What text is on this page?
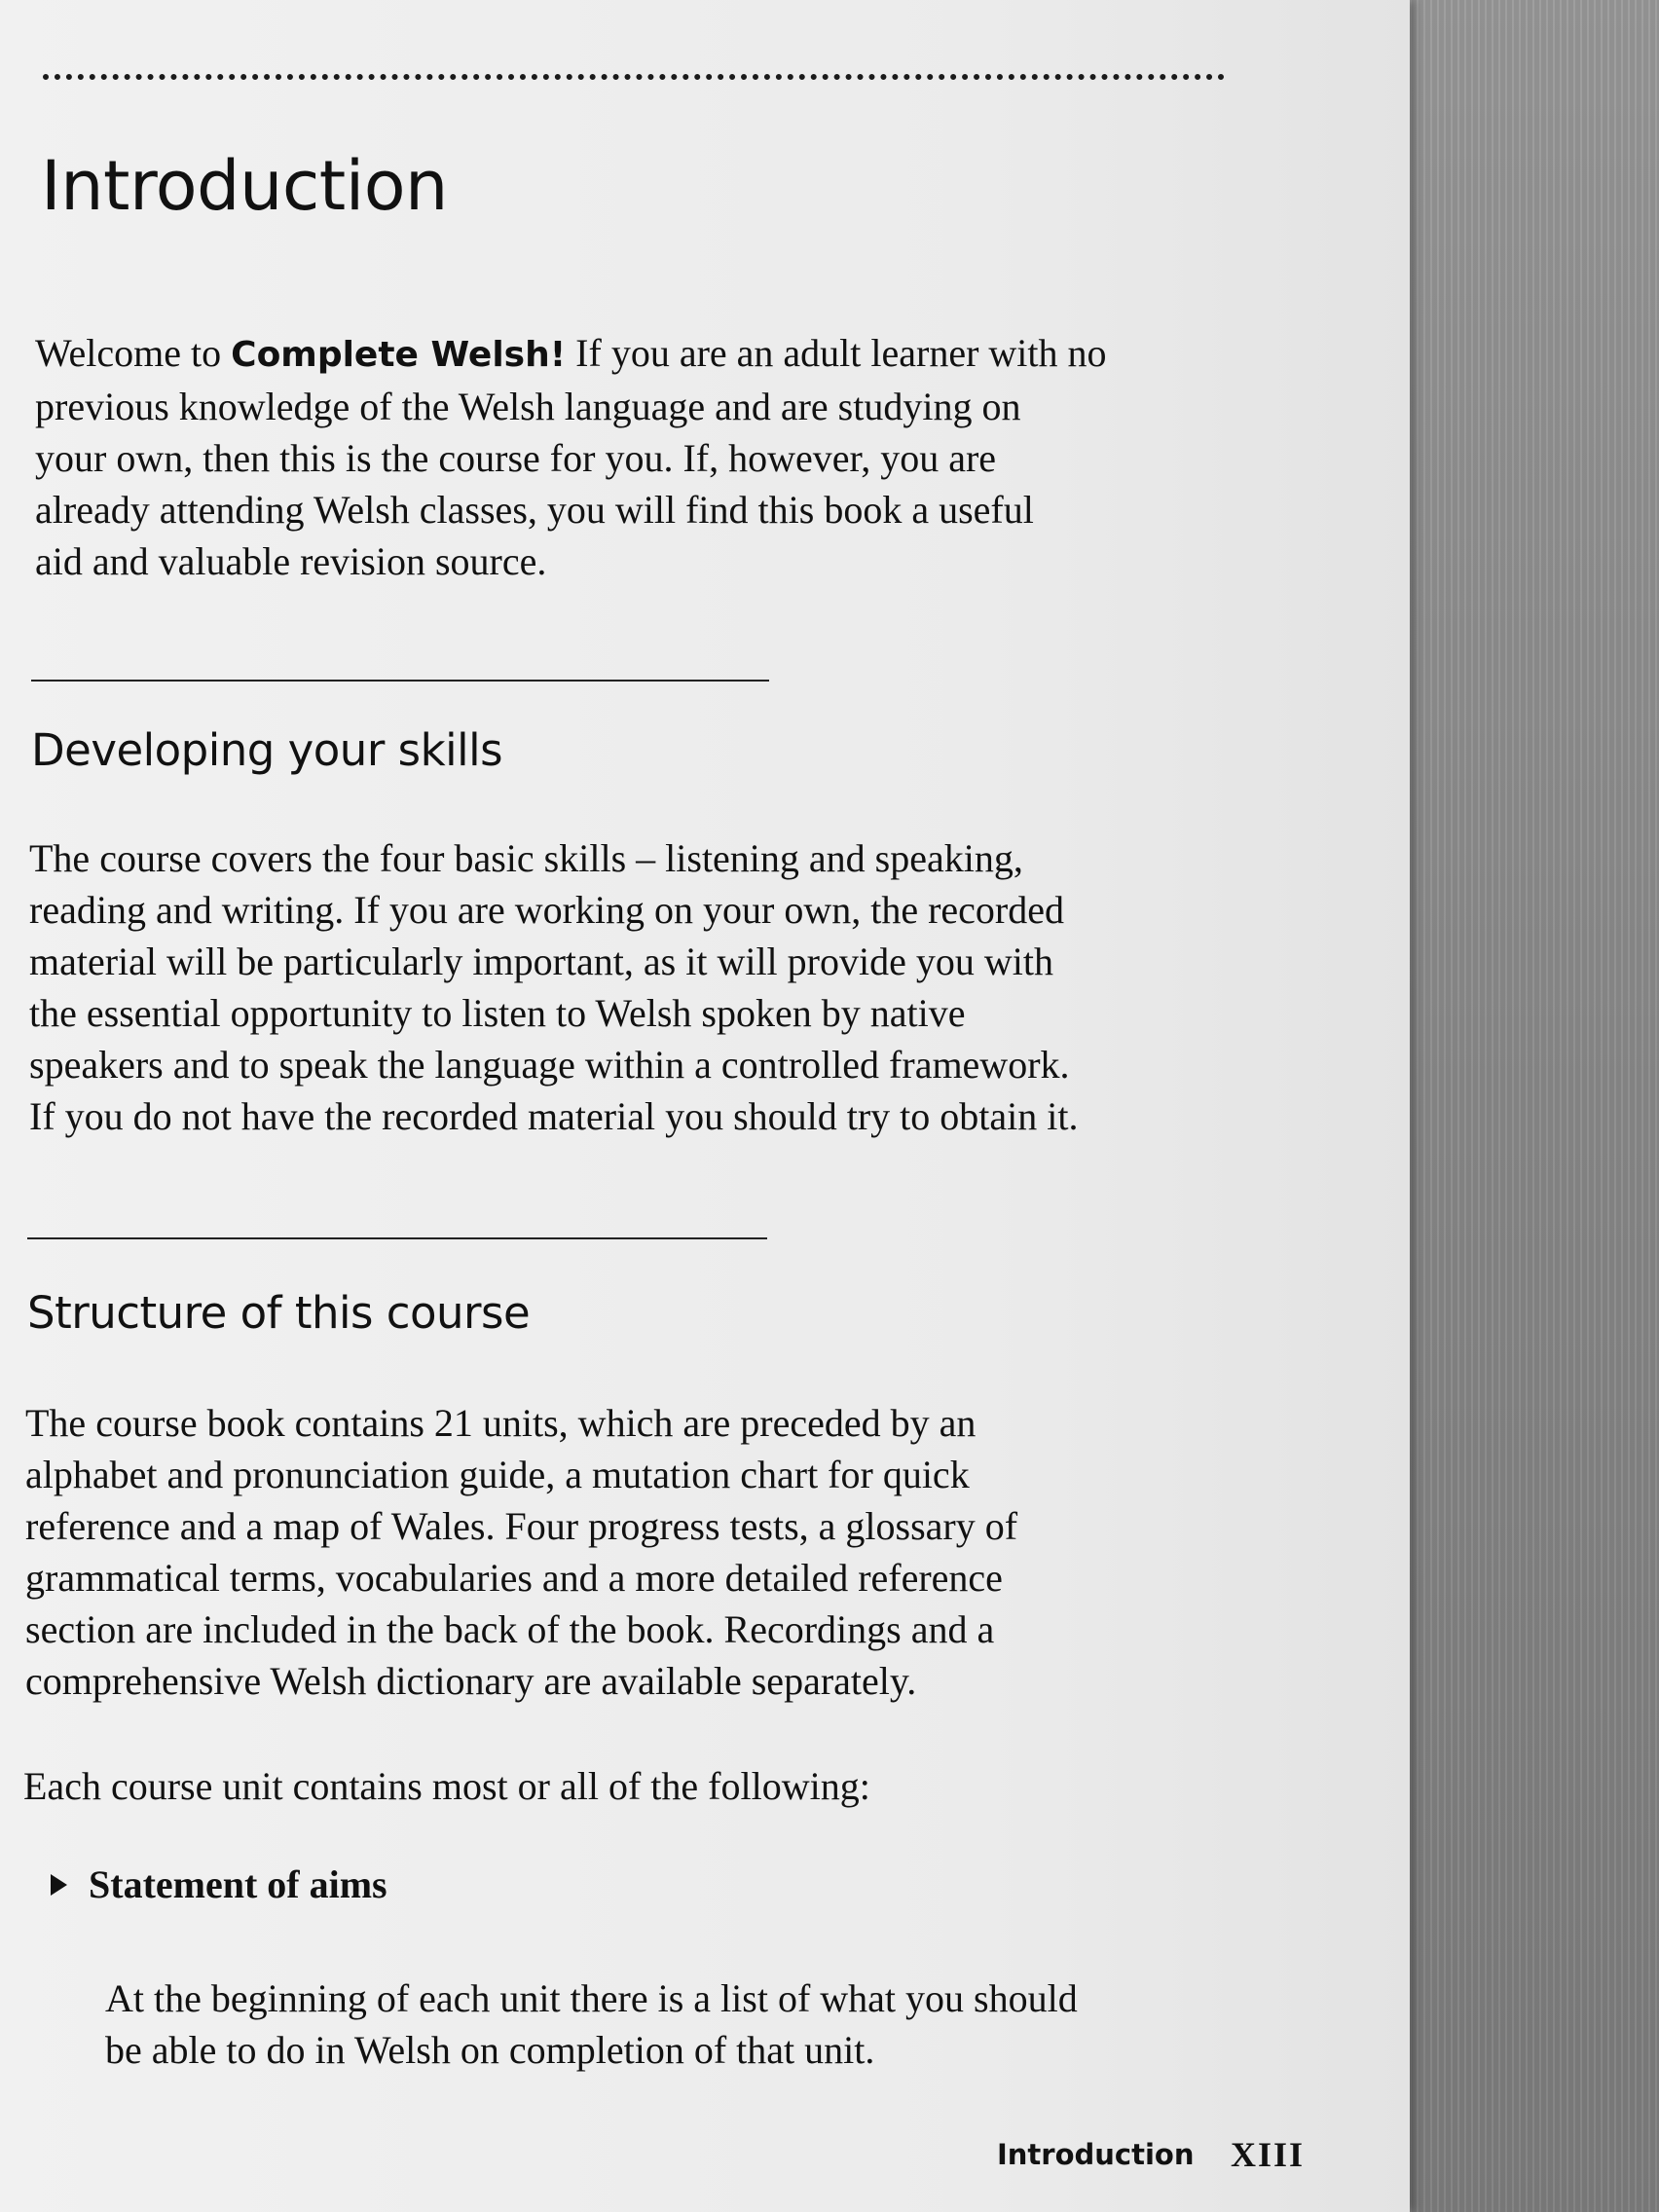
Introduction
Welcome to Complete Welsh! If you are an adult learner with no
previous knowledge of the Welsh language and are studying on
your own, then this is the course for you. If, however, you are
already attending Welsh classes, you will find this book a useful
aid and valuable revision source.
Developing your skills
The course covers the four basic skills – listening and speaking,
reading and writing. If you are working on your own, the recorded
material will be particularly important, as it will provide you with
the essential opportunity to listen to Welsh spoken by native
speakers and to speak the language within a controlled framework.
If you do not have the recorded material you should try to obtain it.
Structure of this course
The course book contains 21 units, which are preceded by an
alphabet and pronunciation guide, a mutation chart for quick
reference and a map of Wales. Four progress tests, a glossary of
grammatical terms, vocabularies and a more detailed reference
section are included in the back of the book. Recordings and a
comprehensive Welsh dictionary are available separately.
Each course unit contains most or all of the following:
Statement of aims
At the beginning of each unit there is a list of what you should
be able to do in Welsh on completion of that unit.
Introduction XIII
